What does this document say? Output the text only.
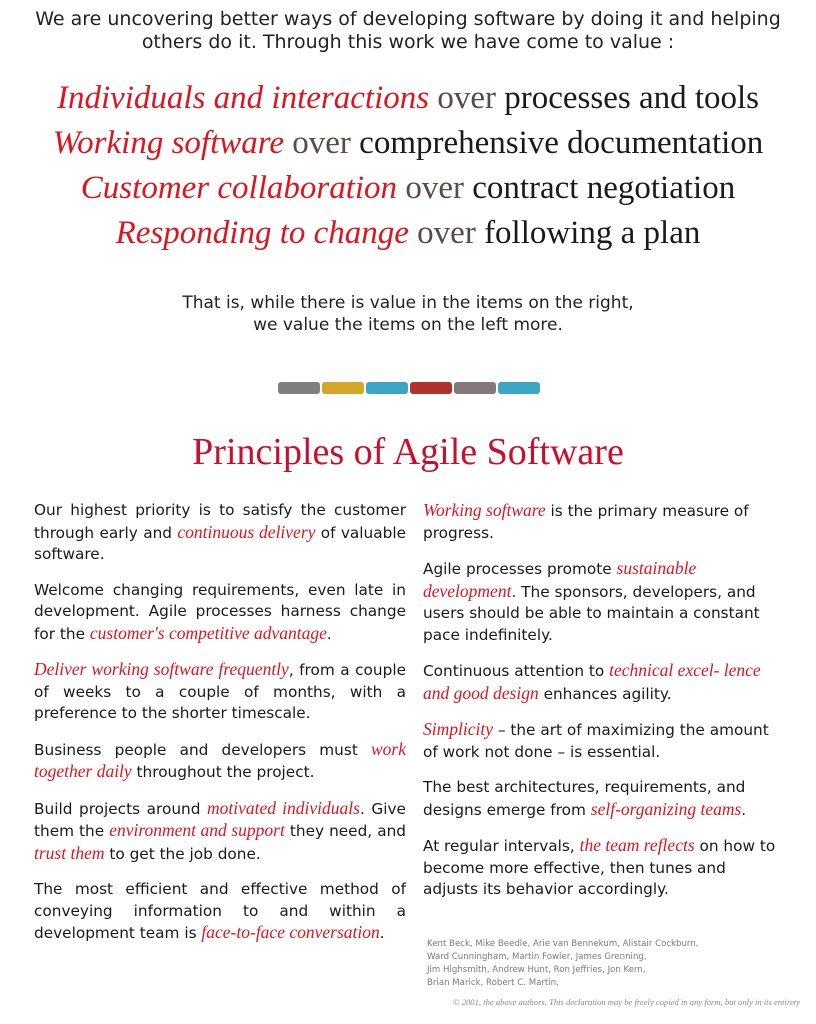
We are uncovering better ways of developing software by doing it and helping
others do it. Through this work we have come to value :
Individuals and interactions over processes and tools
Working software over comprehensive documentation
Customer collaboration over contract negotiation
Responding to change over following a plan
That is, while there is value in the items on the right,
we value the items on the left more.
Principles of Agile Software

Our highest priority is to satisfy the customer through early and continuous delivery of valuable software.

Welcome changing requirements, even late in development. Agile processes harness change for the customer's competitive advantage.

Deliver working software frequently, from a couple of weeks to a couple of months, with a preference to the shorter timescale.

Business people and developers must work together daily throughout the project.

Build projects around motivated individuals. Give them the environment and support they need, and trust them to get the job done.

The most efficient and effective method of conveying information to and within a development team is face-to-face conversation.

Working software is the primary measure of progress.

Agile processes promote sustainable development. The sponsors, developers, and users should be able to maintain a constant pace indefinitely.

Continuous attention to technical excel- lence and good design enhances agility.

Simplicity – the art of maximizing the amount of work not done – is essential.

The best architectures, requirements, and designs emerge from self-organizing teams.

At regular intervals, the team reflects on how to become more effective, then tunes and adjusts its behavior accordingly.

Kent Beck, Mike Beedle, Arie van Bennekum, Alistair Cockburn,
Ward Cunningham, Martin Fowler, James Grenning,
Jim Highsmith, Andrew Hunt, Ron Jeffries, Jon Kern,
Brian Marick, Robert C. Martin,
© 2001, the above authors. This declaration may be freely copied in any form, but only in its entirety
